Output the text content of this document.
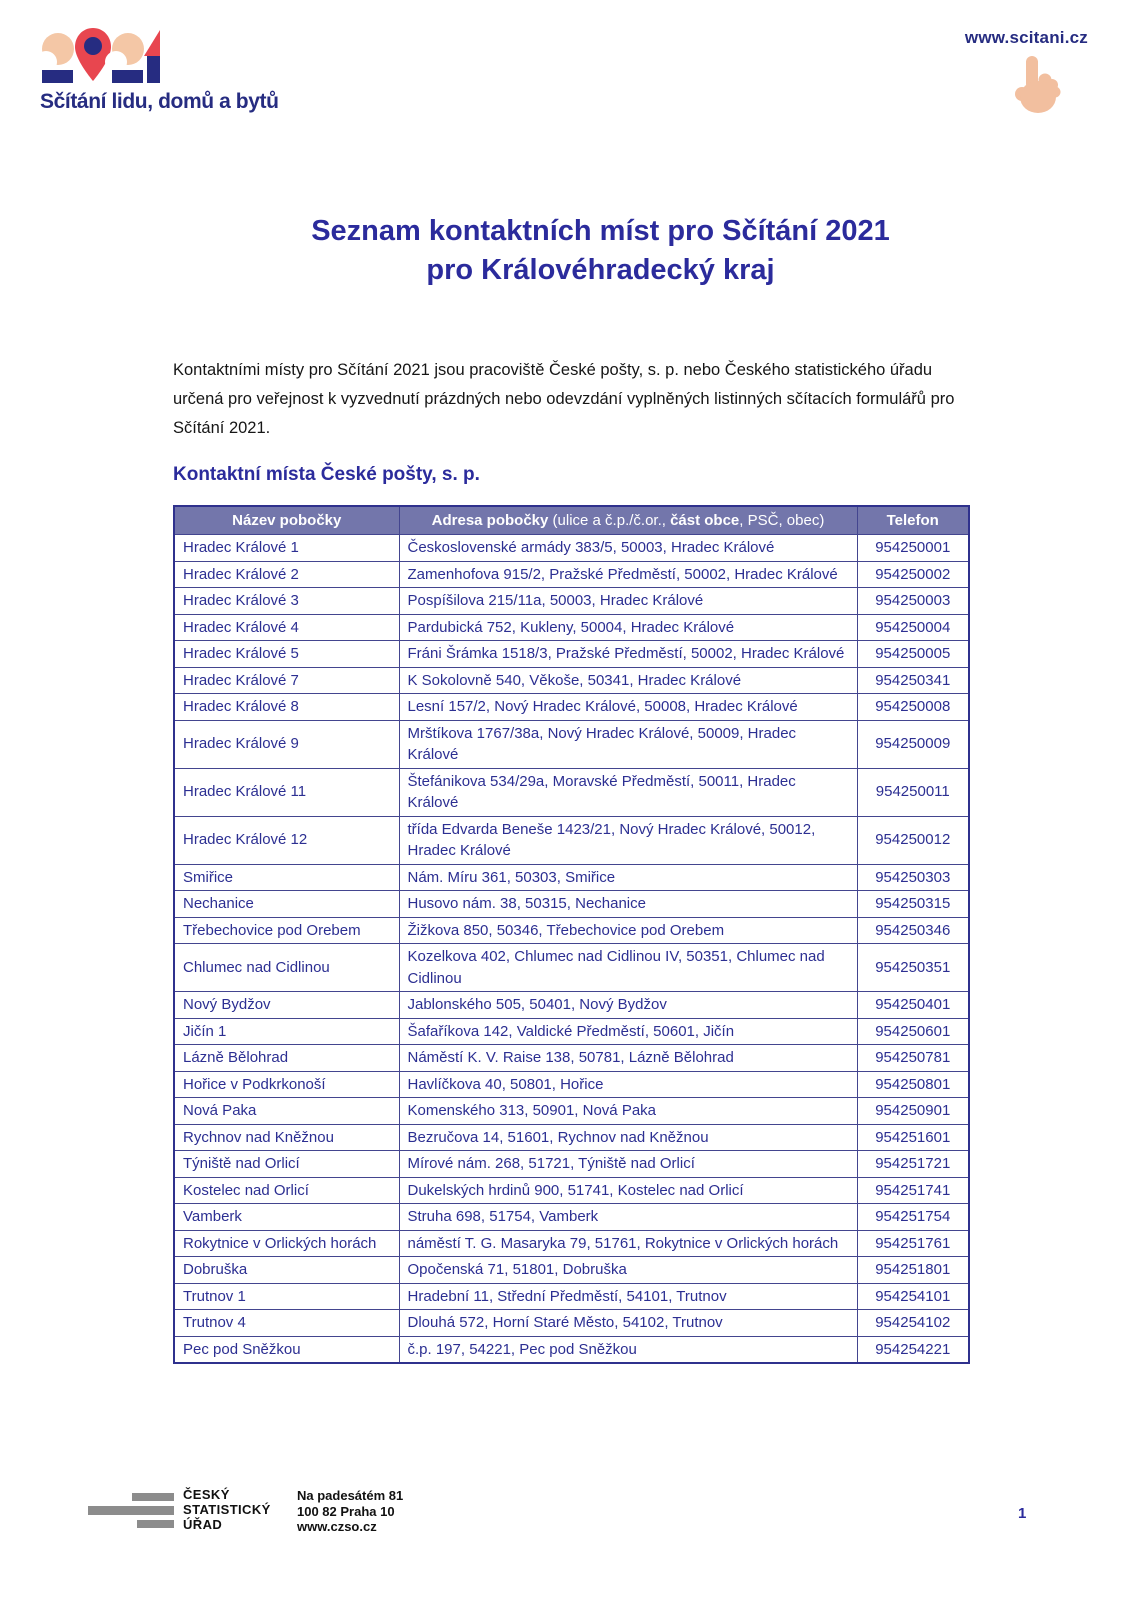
Sčítání lidu, domů a bytů
www.scitani.cz
Seznam kontaktních míst pro Sčítání 2021
pro Královéhradecký kraj

Kontaktními místy pro Sčítání 2021 jsou pracoviště České pošty, s. p. nebo Českého statistického úřadu určená pro veřejnost k vyzvednutí prázdných nebo odevzdání vyplněných listinných sčítacích formulářů pro Sčítání 2021.

Kontaktní místa České pošty, s. p.
Název pobočky	Adresa pobočky (ulice a č.p./č.or., část obce, PSČ, obec)	Telefon
Hradec Králové 1	Československé armády 383/5, 50003, Hradec Králové	954250001
Hradec Králové 2	Zamenhofova 915/2, Pražské Předměstí, 50002, Hradec Králové	954250002
Hradec Králové 3	Pospíšilova 215/11a, 50003, Hradec Králové	954250003
Hradec Králové 4	Pardubická 752, Kukleny, 50004, Hradec Králové	954250004
Hradec Králové 5	Fráni Šrámka 1518/3, Pražské Předměstí, 50002, Hradec Králové	954250005
Hradec Králové 7	K Sokolovně 540, Věkoše, 50341, Hradec Králové	954250341
Hradec Králové 8	Lesní 157/2, Nový Hradec Králové, 50008, Hradec Králové	954250008
Hradec Králové 9	Mrštíkova 1767/38a, Nový Hradec Králové, 50009, Hradec Králové	954250009
Hradec Králové 11	Štefánikova 534/29a, Moravské Předměstí, 50011, Hradec Králové	954250011
Hradec Králové 12	třída Edvarda Beneše 1423/21, Nový Hradec Králové, 50012, Hradec Králové	954250012
Smiřice	Nám. Míru 361, 50303, Smiřice	954250303
Nechanice	Husovo nám. 38, 50315, Nechanice	954250315
Třebechovice pod Orebem	Žižkova 850, 50346, Třebechovice pod Orebem	954250346
Chlumec nad Cidlinou	Kozelkova 402, Chlumec nad Cidlinou IV, 50351, Chlumec nad Cidlinou	954250351
Nový Bydžov	Jablonského 505, 50401, Nový Bydžov	954250401
Jičín 1	Šafaříkova 142, Valdické Předměstí, 50601, Jičín	954250601
Lázně Bělohrad	Náměstí K. V. Raise 138, 50781, Lázně Bělohrad	954250781
Hořice v Podkrkonoší	Havlíčkova 40, 50801, Hořice	954250801
Nová Paka	Komenského 313, 50901, Nová Paka	954250901
Rychnov nad Kněžnou	Bezručova 14, 51601, Rychnov nad Kněžnou	954251601
Týniště nad Orlicí	Mírové nám. 268, 51721, Týniště nad Orlicí	954251721
Kostelec nad Orlicí	Dukelských hrdinů 900, 51741, Kostelec nad Orlicí	954251741
Vamberk	Struha 698, 51754, Vamberk	954251754
Rokytnice v Orlických horách	náměstí T. G. Masaryka 79, 51761, Rokytnice v Orlických horách	954251761
Dobruška	Opočenská 71, 51801, Dobruška	954251801
Trutnov 1	Hradební 11, Střední Předměstí, 54101, Trutnov	954254101
Trutnov 4	Dlouhá 572, Horní Staré Město, 54102, Trutnov	954254102
Pec pod Sněžkou	č.p. 197, 54221, Pec pod Sněžkou	954254221
ČESKÝ
STATISTICKÝ
ÚŘAD
Na padesátém 81
100 82 Praha 10
www.czso.cz
1
